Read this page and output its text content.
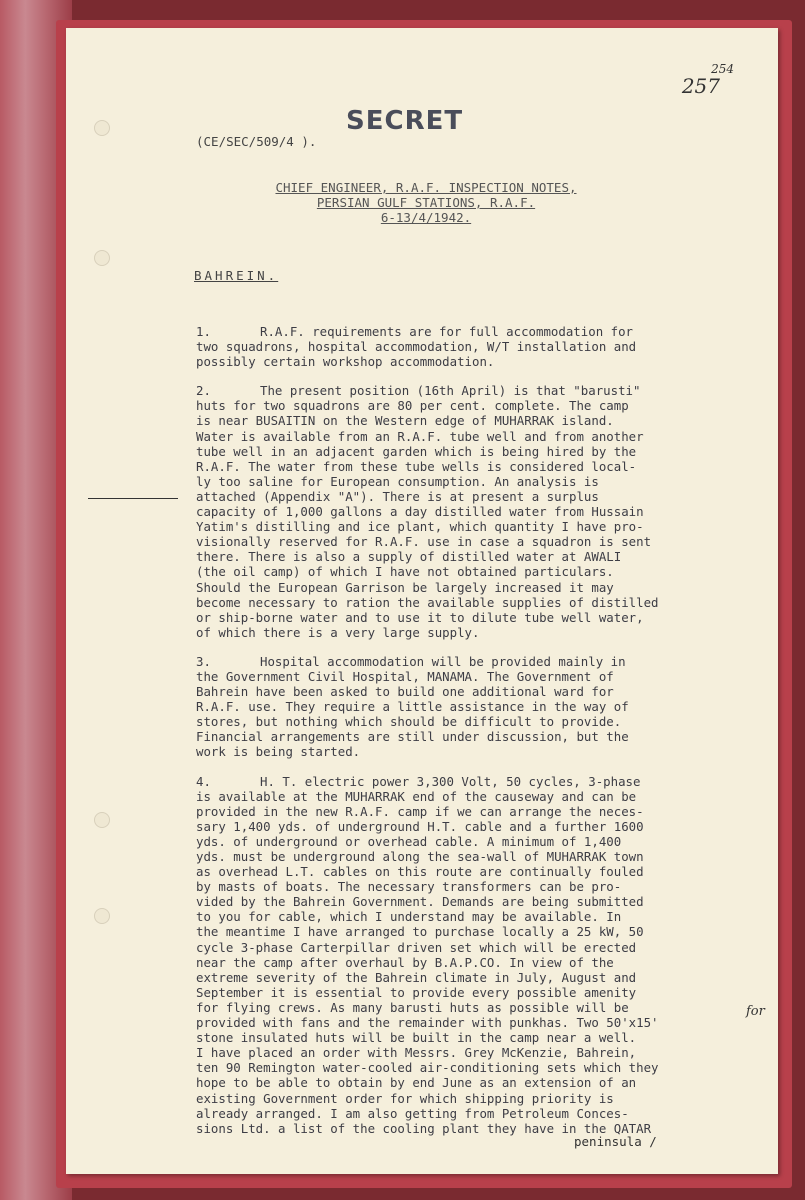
254
257
SECRET
(CE/SEC/509/4 ).
CHIEF ENGINEER, R.A.F. INSPECTION NOTES,
PERSIAN GULF STATIONS, R.A.F.
6-13/4/1942.
BAHREIN.

1.	R.A.F. requirements are for full accommodation for
two squadrons, hospital accommodation, W/T installation and
possibly certain workshop accommodation.

2.	The present position (16th April) is that "barusti"
huts for two squadrons are 80 per cent. complete. The camp
is near BUSAITIN on the Western edge of MUHARRAK island.
Water is available from an R.A.F. tube well and from another
tube well in an adjacent garden which is being hired by the
R.A.F. The water from these tube wells is considered local-
ly too saline for European consumption. An analysis is
attached (Appendix "A"). There is at present a surplus
capacity of 1,000 gallons a day distilled water from Hussain
Yatim's distilling and ice plant, which quantity I have pro-
visionally reserved for R.A.F. use in case a squadron is sent
there. There is also a supply of distilled water at AWALI
(the oil camp) of which I have not obtained particulars.
Should the European Garrison be largely increased it may
become necessary to ration the available supplies of distilled
or ship-borne water and to use it to dilute tube well water,
of which there is a very large supply.

3.	Hospital accommodation will be provided mainly in
the Government Civil Hospital, MANAMA. The Government of
Bahrein have been asked to build one additional ward for
R.A.F. use. They require a little assistance in the way of
stores, but nothing which should be difficult to provide.
Financial arrangements are still under discussion, but the
work is being started.

4.	H. T. electric power 3,300 Volt, 50 cycles, 3-phase
is available at the MUHARRAK end of the causeway and can be
provided in the new R.A.F. camp if we can arrange the neces-
sary 1,400 yds. of underground H.T. cable and a further 1600
yds. of underground or overhead cable. A minimum of 1,400
yds. must be underground along the sea-wall of MUHARRAK town
as overhead L.T. cables on this route are continually fouled
by masts of boats. The necessary transformers can be pro-
vided by the Bahrein Government. Demands are being submitted
to you for cable, which I understand may be available. In
the meantime I have arranged to purchase locally a 25 kW, 50
cycle 3-phase Carterpillar driven set which will be erected
near the camp after overhaul by B.A.P.CO. In view of the
extreme severity of the Bahrein climate in July, August and
September it is essential to provide every possible amenity
for flying crews. As many barusti huts as possible will be
provided with fans and the remainder with punkhas. Two 50'x15'
stone insulated huts will be built in the camp near a well.
I have placed an order with Messrs. Grey McKenzie, Bahrein,
ten 90 Remington water-cooled air-conditioning sets which they
hope to be able to obtain by end June as an extension of an
existing Government order for which shipping priority is
already arranged. I am also getting from Petroleum Conces-
sions Ltd. a list of the cooling plant they have in the QATAR

for
peninsula /
